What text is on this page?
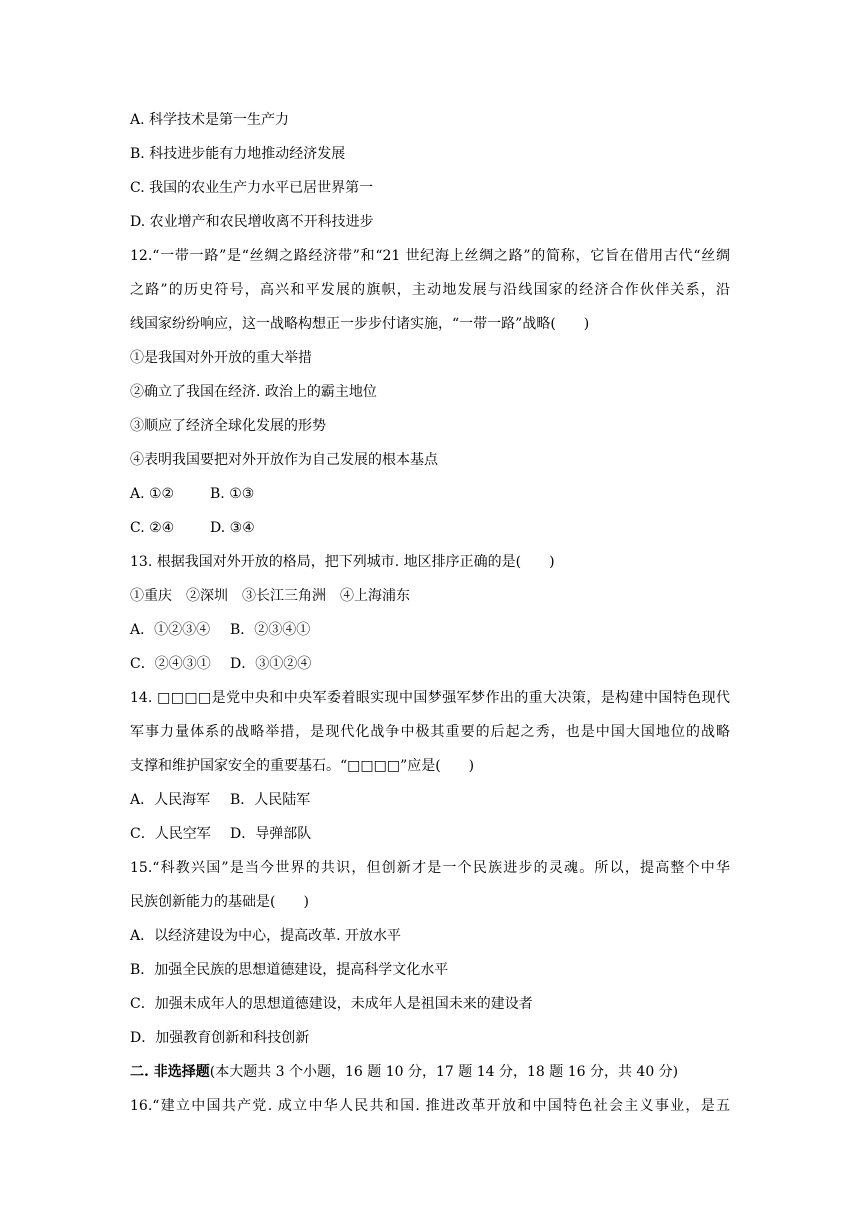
A. 科学技术是第一生产力
B. 科技进步能有力地推动经济发展
C. 我国的农业生产力水平已居世界第一
D. 农业增产和农民增收离不开科技进步
12.“一带一路”是“丝绸之路经济带”和“21 世纪海上丝绸之路”的简称，它旨在借用古代“丝绸
之路”的历史符号，高兴和平发展的旗帜，主动地发展与沿线国家的经济合作伙伴关系，沿
线国家纷纷响应，这一战略构想正一步步付诸实施，“一带一路”战略(　　)
①是我国对外开放的重大举措
②确立了我国在经济. 政治上的霸主地位
③顺应了经济全球化发展的形势
④表明我国要把对外开放作为自己发展的根本基点
A. ①②	B. ①③
C. ②④	D. ③④
13. 根据我国对外开放的格局，把下列城市. 地区排序正确的是(　　)
①重庆　②深圳　③长江三角洲　④上海浦东
A．①②③④ B．②③④①
C．②④③① D．③①②④
14. □□□□是党中央和中央军委着眼实现中国梦强军梦作出的重大决策，是构建中国特色现代
军事力量体系的战略举措，是现代化战争中极其重要的后起之秀，也是中国大国地位的战略
支撑和维护国家安全的重要基石。“□□□□”应是(　　)
A．人民海军 B．人民陆军
C．人民空军 D．导弹部队
15.“科教兴国”是当今世界的共识，但创新才是一个民族进步的灵魂。所以，提高整个中华
民族创新能力的基础是(　　)
A．以经济建设为中心，提高改革. 开放水平
B．加强全民族的思想道德建设，提高科学文化水平
C．加强未成年人的思想道德建设，未成年人是祖国未来的建设者
D．加强教育创新和科技创新
二. 非选择题(本大题共 3 个小题，16 题 10 分，17 题 14 分，18 题 16 分，共 40 分)
16.“建立中国共产党. 成立中华人民共和国. 推进改革开放和中国特色社会主义事业，是五
